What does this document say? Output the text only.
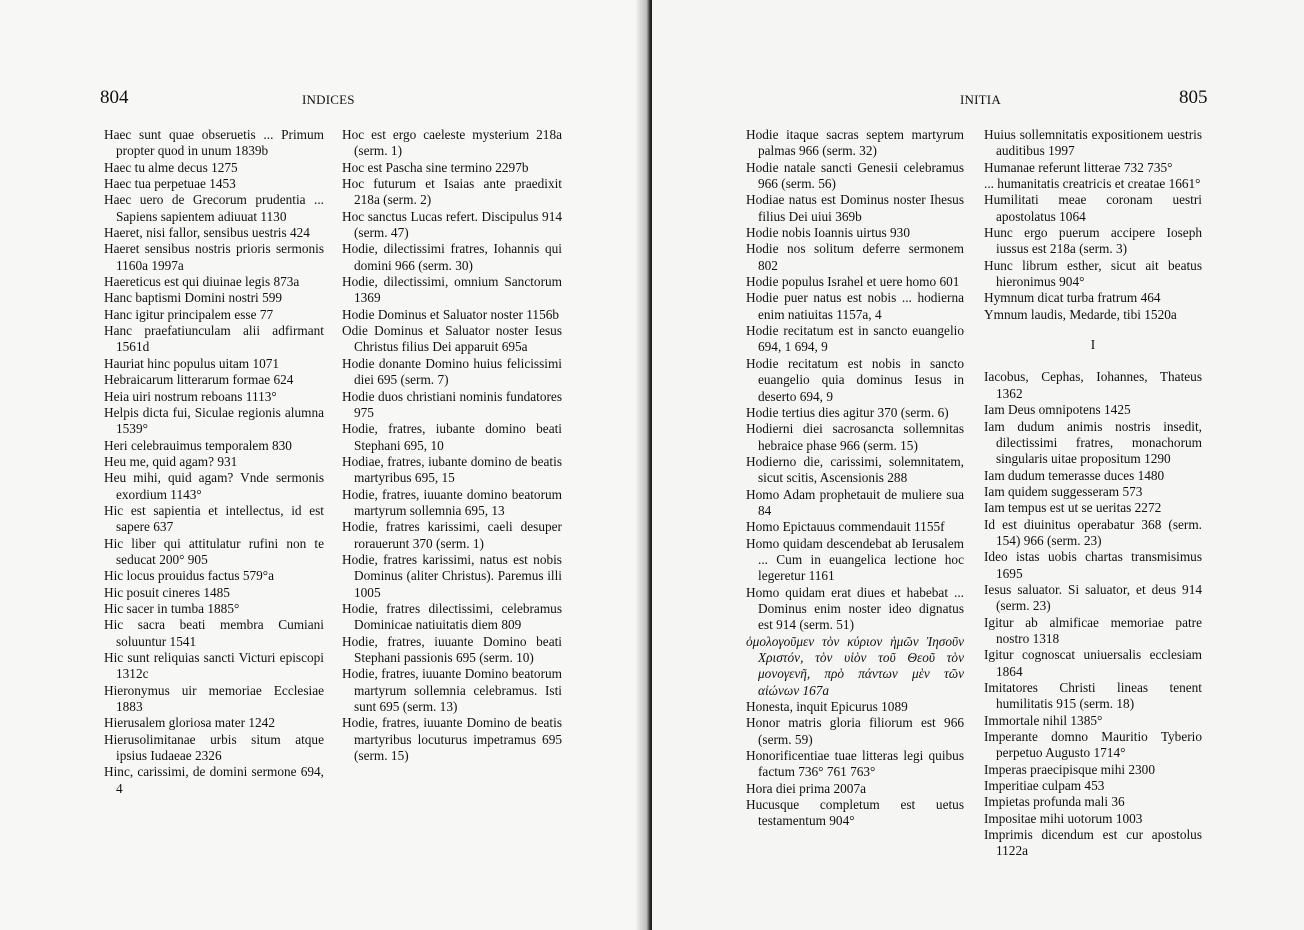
804	INDICES
Haec sunt quae obseruetis ... Primum propter quod in unum 1839b
Haec tu alme decus 1275
Haec tua perpetuae 1453
Haec uero de Grecorum prudentia ... Sapiens sapientem adiuuat 1130
Haeret, nisi fallor, sensibus uestris 424
Haeret sensibus nostris prioris sermonis 1160a 1997a
Haereticus est qui diuinae legis 873a
Hanc baptismi Domini nostri 599
Hanc igitur principalem esse 77
Hanc praefatiunculam alii adfirmant 1561d
Hauriat hinc populus uitam 1071
Hebraicarum litterarum formae 624
Heia uiri nostrum reboans 1113°
Helpis dicta fui, Siculae regionis alumna 1539°
Heri celebrauimus temporalem 830
Heu me, quid agam? 931
Heu mihi, quid agam? Vnde sermonis exordium 1143°
Hic est sapientia et intellectus, id est sapere 637
Hic liber qui attitulatur rufini non te seducat 200° 905
Hic locus prouidus factus 579°a
Hic posuit cineres 1485
Hic sacer in tumba 1885°
Hic sacra beati membra Cumiani soluuntur 1541
Hic sunt reliquias sancti Victuri episcopi 1312c
Hieronymus uir memoriae Ecclesiae 1883
Hierusalem gloriosa mater 1242
Hierusolimitanae urbis situm atque ipsius Iudaeae 2326
Hinc, carissimi, de domini sermone 694, 4
Hoc est ergo caeleste mysterium 218a (serm. 1)
Hoc est Pascha sine termino 2297b
Hoc futurum et Isaias ante praedixit 218a (serm. 2)
Hoc sanctus Lucas refert. Discipulus 914 (serm. 47)
Hodie, dilectissimi fratres, Iohannis qui domini 966 (serm. 30)
Hodie, dilectissimi, omnium Sanctorum 1369
Hodie Dominus et Saluator noster 1156b
Odie Dominus et Saluator noster Iesus Christus filius Dei apparuit 695a
Hodie donante Domino huius felicissimi diei 695 (serm. 7)
Hodie duos christiani nominis fundatores 975
Hodie, fratres, iubante domino beati Stephani 695, 10
Hodiae, fratres, iubante domino de beatis martyribus 695, 15
Hodie, fratres, iuuante domino beatorum martyrum sollemnia 695, 13
Hodie, fratres karissimi, caeli desuper rorauerunt 370 (serm. 1)
Hodie, fratres karissimi, natus est nobis Dominus (aliter Christus). Paremus illi 1005
Hodie, fratres dilectissimi, celebramus Dominicae natiuitatis diem 809
Hodie, fratres, iuuante Domino beati Stephani passionis 695 (serm. 10)
Hodie, fratres, iuuante Domino beatorum martyrum sollemnia celebramus. Isti sunt 695 (serm. 13)
Hodie, fratres, iuuante Domino de beatis martyribus locuturus impetramus 695 (serm. 15)
INITIA	805
Hodie itaque sacras septem martyrum palmas 966 (serm. 32)
Hodie natale sancti Genesii celebramus 966 (serm. 56)
Hodiae natus est Dominus noster Ihesus filius Dei uiui 369b
Hodie nobis Ioannis uirtus 930
Hodie nos solitum deferre sermonem 802
Hodie populus Israhel et uere homo 601
Hodie puer natus est nobis ... hodierna enim natiuitas 1157a, 4
Hodie recitatum est in sancto euangelio 694, 1 694, 9
Hodie recitatum est nobis in sancto euangelio quia dominus Iesus in deserto 694, 9
Hodie tertius dies agitur 370 (serm. 6)
Hodierni diei sacrosancta sollemnitas hebraice phase 966 (serm. 15)
Hodierno die, carissimi, solemnitatem, sicut scitis, Ascensionis 288
Homo Adam prophetauit de muliere sua 84
Homo Epictauus commendauit 1155f
Homo quidam descendebat ab Ierusalem ... Cum in euangelica lectione hoc legeretur 1161
Homo quidam erat diues et habebat ... Dominus enim noster ideo dignatus est 914 (serm. 51)
ὁμολογοῦμεν τὸν κύριον ἡμῶν Ἰησοῦν Χριστόν, τὸν υἱὸν τοῦ Θεοῦ τὸν μονογενῆ, πρὸ πάντων μὲν τῶν αἰώνων 167a
Honesta, inquit Epicurus 1089
Honor matris gloria filiorum est 966 (serm. 59)
Honorificentiae tuae litteras legi quibus factum 736° 761 763°
Hora diei prima 2007a
Hucusque completum est uetus testamentum 904°
Huius sollemnitatis expositionem uestris auditibus 1997
Humanae referunt litterae 732 735°
... humanitatis creatricis et creatae 1661°
Humilitati meae coronam uestri apostolatus 1064
Hunc ergo puerum accipere Ioseph iussus est 218a (serm. 3)
Hunc librum esther, sicut ait beatus hieronimus 904°
Hymnum dicat turba fratrum 464
Ymnum laudis, Medarde, tibi 1520a
I
Iacobus, Cephas, Iohannes, Thateus 1362
Iam Deus omnipotens 1425
Iam dudum animis nostris insedit, dilectissimi fratres, monachorum singularis uitae propositum 1290
Iam dudum temerasse duces 1480
Iam quidem suggesseram 573
Iam tempus est ut se ueritas 2272
Id est diuinitus operabatur 368 (serm. 154) 966 (serm. 23)
Ideo istas uobis chartas transmisimus 1695
Iesus saluator. Si saluator, et deus 914 (serm. 23)
Igitur ab almificae memoriae patre nostro 1318
Igitur cognoscat uniuersalis ecclesiam 1864
Imitatores Christi lineas tenent humilitatis 915 (serm. 18)
Immortale nihil 1385°
Imperante domno Mauritio Tyberio perpetuo Augusto 1714°
Imperas praecipisque mihi 2300
Imperitiae culpam 453
Impietas profunda mali 36
Impositae mihi uotorum 1003
Imprimis dicendum est cur apostolus 1122a
